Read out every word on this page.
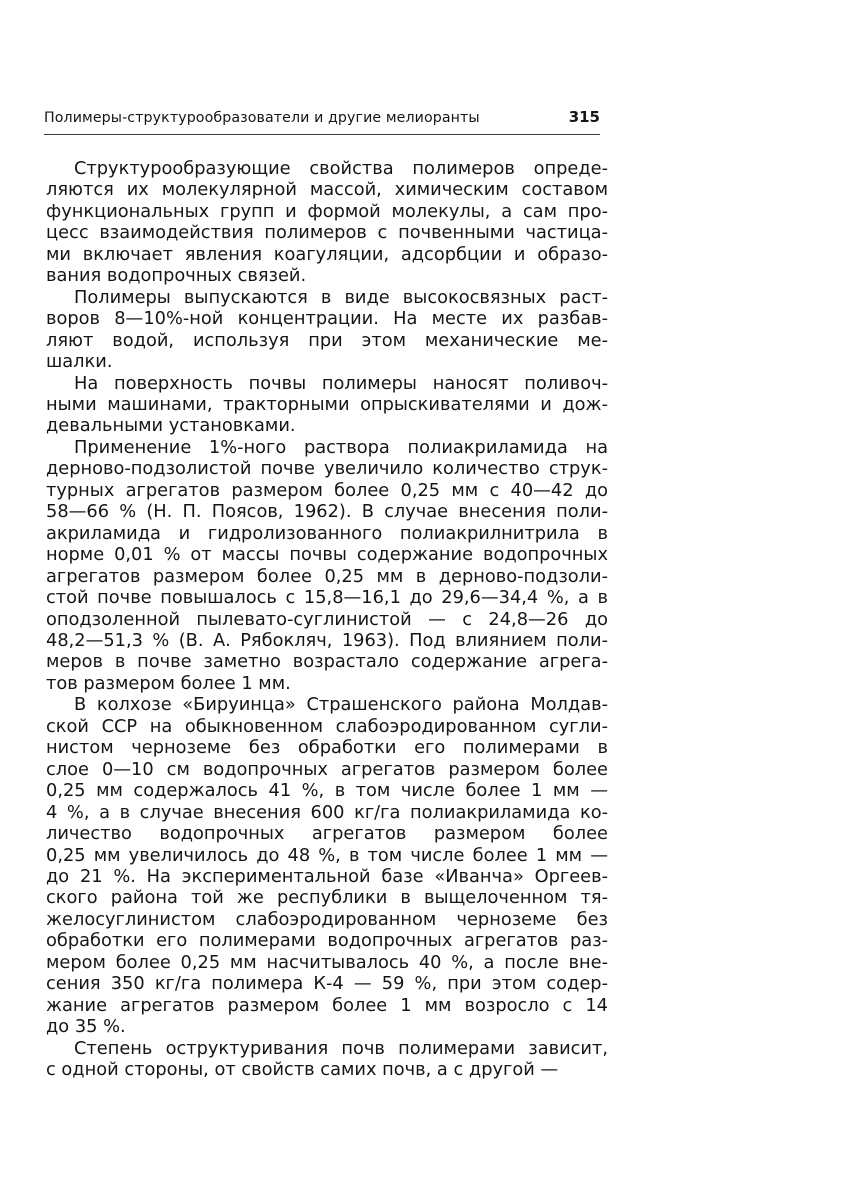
Полимеры-структурообразователи и другие мелиоранты	315

Структурообразующие свойства полимеров опреде-
ляются их молекулярной массой, химическим составом
функциональных групп и формой молекулы, а сам про-
цесс взаимодействия полимеров с почвенными частица-
ми включает явления коагуляции, адсорбции и образо-
вания водопрочных связей.

Полимеры выпускаются в виде высокосвязных раст-
воров 8—10%-ной концентрации. На месте их разбав-
ляют водой, используя при этом механические ме-
шалки.

На поверхность почвы полимеры наносят поливоч-
ными машинами, тракторными опрыскивателями и дож-
девальными установками.

Применение 1%-ного раствора полиакриламида на
дерново-подзолистой почве увеличило количество струк-
турных агрегатов размером более 0,25 мм с 40—42 до
58—66 % (Н. П. Поясов, 1962). В случае внесения поли-
акриламида и гидролизованного полиакрилнитрила в
норме 0,01 % от массы почвы содержание водопрочных
агрегатов размером более 0,25 мм в дерново-подзоли-
стой почве повышалось с 15,8—16,1 до 29,6—34,4 %, а в
оподзоленной пылевато-суглинистой — с 24,8—26 до
48,2—51,3 % (В. А. Рябокляч, 1963). Под влиянием поли-
меров в почве заметно возрастало содержание агрега-
тов размером более 1 мм.

В колхозе «Бируинца» Страшенского района Молдав-
ской ССР на обыкновенном слабоэродированном сугли-
нистом черноземе без обработки его полимерами в
слое 0—10 см водопрочных агрегатов размером более
0,25 мм содержалось 41 %, в том числе более 1 мм —
4 %, а в случае внесения 600 кг/га полиакриламида ко-
личество водопрочных агрегатов размером более
0,25 мм увеличилось до 48 %, в том числе более 1 мм —
до 21 %. На экспериментальной базе «Иванча» Оргеев-
ского района той же республики в выщелоченном тя-
желосуглинистом слабоэродированном черноземе без
обработки его полимерами водопрочных агрегатов раз-
мером более 0,25 мм насчитывалось 40 %, а после вне-
сения 350 кг/га полимера К-4 — 59 %, при этом содер-
жание агрегатов размером более 1 мм возросло с 14
до 35 %.

Степень оструктуривания почв полимерами зависит,
с одной стороны, от свойств самих почв, а с другой —
